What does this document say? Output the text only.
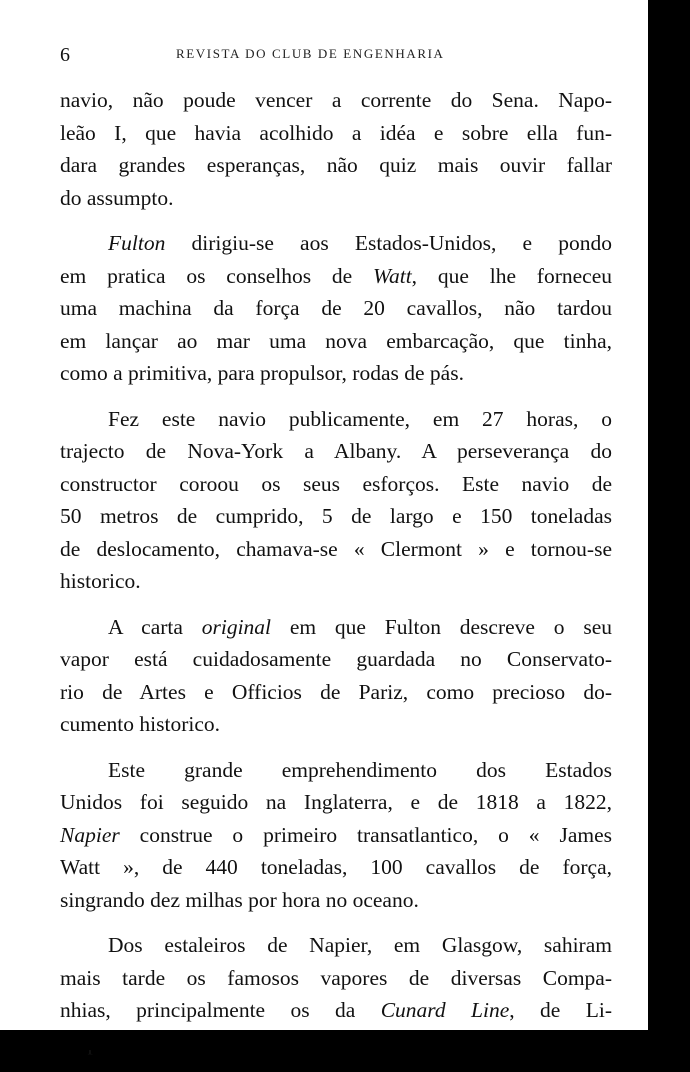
6	REVISTA DO CLUB DE ENGENHARIA

navio, não poude vencer a corrente do Sena. Napo-
leão I, que havia acolhido a idéa e sobre ella fun-
dara grandes esperanças, não quiz mais ouvir fallar
do assumpto.

Fulton dirigiu-se aos Estados-Unidos, e pondo
em pratica os conselhos de Watt, que lhe forneceu
uma machina da força de 20 cavallos, não tardou
em lançar ao mar uma nova embarcação, que tinha,
como a primitiva, para propulsor, rodas de pás.

Fez este navio publicamente, em 27 horas, o
trajecto de Nova-York a Albany. A perseverança do
constructor coroou os seus esforços. Este navio de
50 metros de cumprido, 5 de largo e 150 toneladas
de deslocamento, chamava-se « Clermont » e tornou-se
historico.

A carta original em que Fulton descreve o seu
vapor está cuidadosamente guardada no Conservato-
rio de Artes e Officios de Pariz, como precioso do-
cumento historico.

Este grande emprehendimento dos Estados
Unidos foi seguido na Inglaterra, e de 1818 a 1822,
Napier construe o primeiro transatlantico, o « James
Watt », de 440 toneladas, 100 cavallos de força,
singrando dez milhas por hora no oceano.

Dos estaleiros de Napier, em Glasgow, sahiram
mais tarde os famosos vapores de diversas Compa-
nhias, principalmente os da Cunard Line, de Li-
